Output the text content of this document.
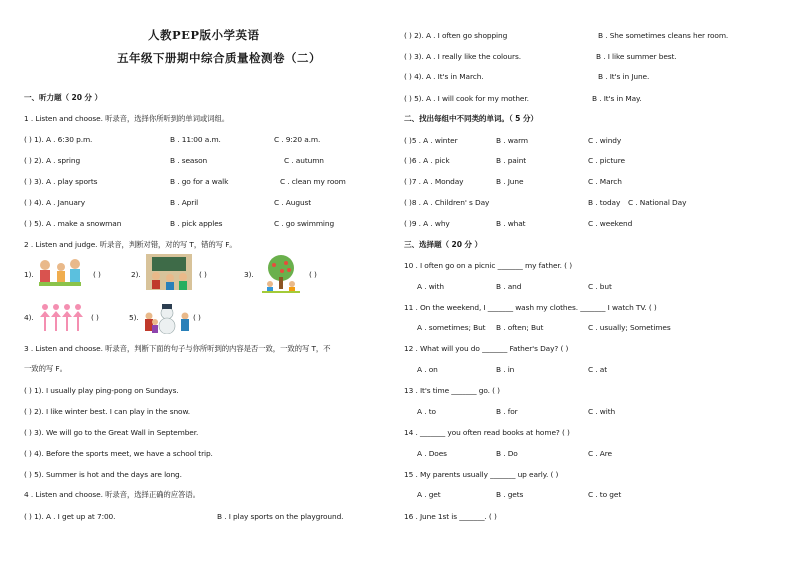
人教PEP版小学英语
五年级下册期中综合质量检测卷（二）
一、听力题（ 20 分 ）
1 . Listen and choose. 听录音，选择你所听到的单词或词组。
( ) 1). A . 6:30 p.m.	B . 11:00 a.m.	C . 9:20 a.m.
( ) 2). A . spring	B . season	C . autumn
( ) 3). A . play sports	B . go for a walk	C . clean my room
( ) 4). A . January	B . April	C . August
( ) 5). A . make a snowman	B . pick apples	C . go swimming
2 . Listen and judge. 听录音，判断对错，对的写 T，错的写 F。
1).	( )	2).	( )	3).	( )
4).	( )	5).	( )
3 . Listen and choose. 听录音，判断下面的句子与你所听到的内容是否一致，一致的写 T，不
一致的写 F。
( ) 1). I usually play ping-pong on Sundays.
( ) 2). I like winter best. I can play in the snow.
( ) 3). We will go to the Great Wall in September.
( ) 4). Before the sports meet, we have a school trip.
( ) 5). Summer is hot and the days are long.
4 . Listen and choose. 听录音，选择正确的应答语。
( ) 1). A . I get up at 7:00.	B . I play sports on the playground.
( ) 2). A . I often go shopping	B . She sometimes cleans her room.
( ) 3). A . I really like the colours.	B . I like summer best.
( ) 4). A . It's in March.	B . It's in June.
( ) 5). A . I will cook for my mother.	B . It's in May.
二、找出每组中不同类的单词。（ 5 分）
( )5 . A . winter	B . warm	C . windy
( )6 . A . pick	B . paint	C . picture
( )7 . A . Monday	B . June	C . March
( )8 . A . Children' s Day	B . today C . National Day
( )9 . A . why	B . what	C . weekend
三、选择题（ 20 分 ）
10 . I often go on a picnic _______ my father. ( )
A . with	B . and	C . but
11 . On the weekend, I _______ wash my clothes. _______ I watch TV. ( )
A . sometimes; But B . often; But	C . usually; Sometimes
12 . What will you do _______ Father's Day? ( )
A . on	B . in	C . at
13 . It's time _______ go. ( )
A . to	B . for	C . with
14 . _______ you often read books at home? ( )
A . Does	B . Do	C . Are
15 . My parents usually _______ up early. ( )
A . get	B . gets	C . to get
16 . June 1st is _______. ( )
